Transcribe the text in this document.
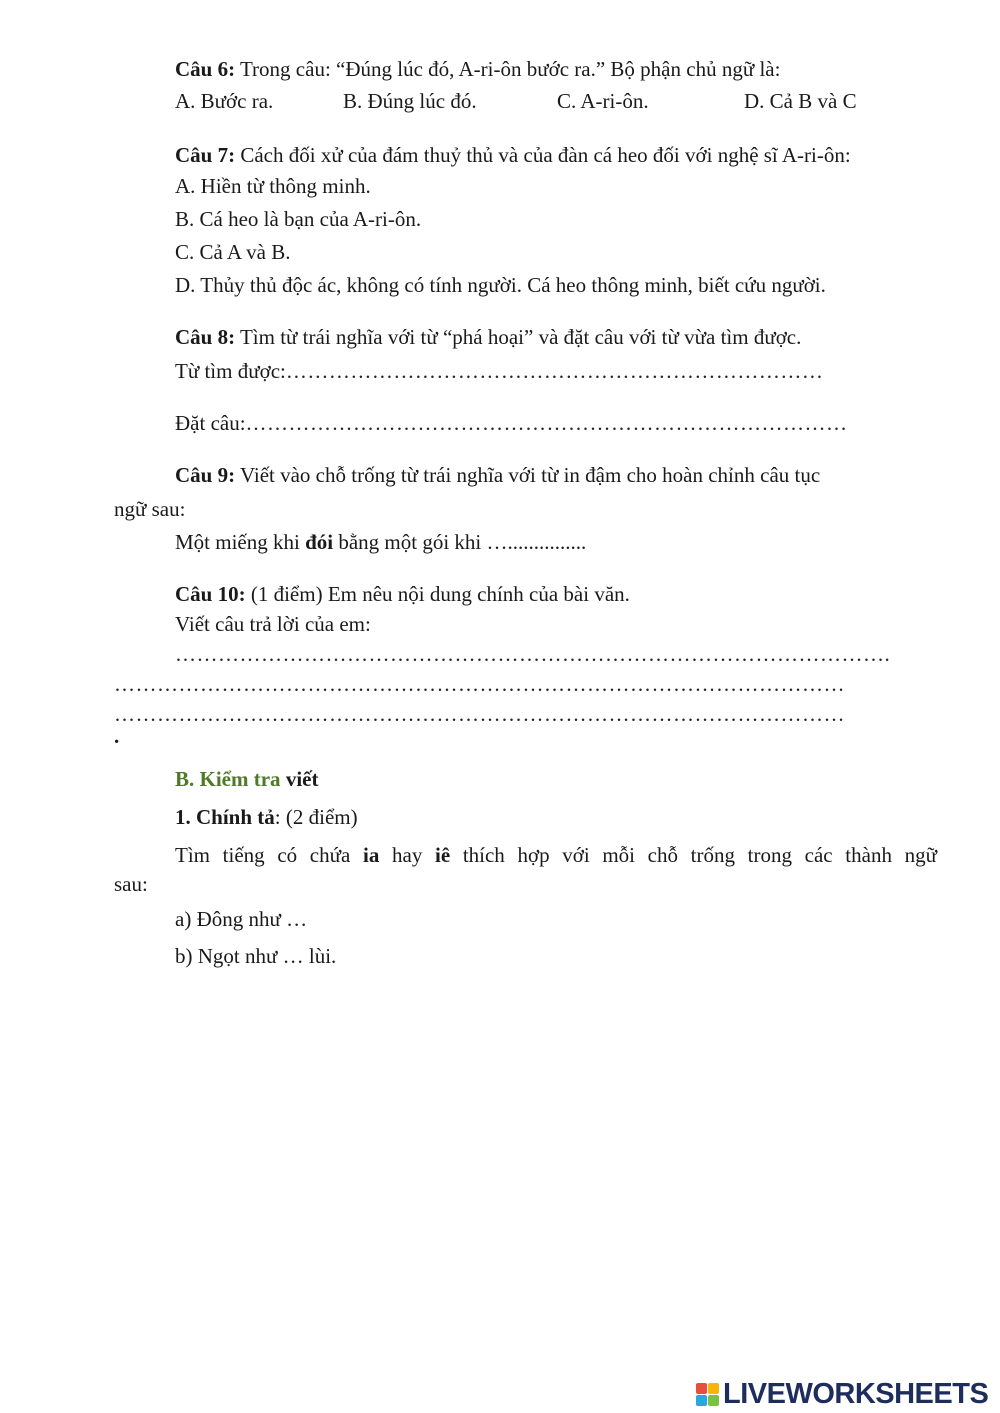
Câu 6: Trong câu: “Đúng lúc đó, A-ri-ôn bước ra.” Bộ phận chủ ngữ là:
A. Bước ra.	B. Đúng lúc đó.	C. A-ri-ôn.	D. Cả B và C
Câu 7: Cách đối xử của đám thuỷ thủ và của đàn cá heo đối với nghệ sĩ A-ri-ôn:
A. Hiền từ thông minh.
B. Cá heo là bạn của A-ri-ôn.
C. Cả A và B.
D. Thủy thủ độc ác, không có tính người. Cá heo thông minh, biết cứu người.
Câu 8: Tìm từ trái nghĩa với từ “phá hoại” và đặt câu với từ vừa tìm được.
Từ tìm được:…………………………………………………………………
Đặt câu:…………………………………………………………………………
Câu 9: Viết vào chỗ trống từ trái nghĩa với từ in đậm cho hoàn chỉnh câu tục
ngữ sau:
Một miếng khi đói bằng một gói khi …...............
Câu 10: (1 điểm) Em nêu nội dung chính của bài văn.
Viết câu trả lời của em:
……………………………………………………………………………………….
…………………………………………………………………………………………
…………………………………………………………………………………………
.
B. Kiểm tra viết
1. Chính tả: (2 điểm)
Tìm tiếng có chứa ia hay iê thích hợp với mỗi chỗ trống trong các thành ngữ
sau:
a) Đông như …
b) Ngọt như … lùi.
LIVEWORKSHEETS
